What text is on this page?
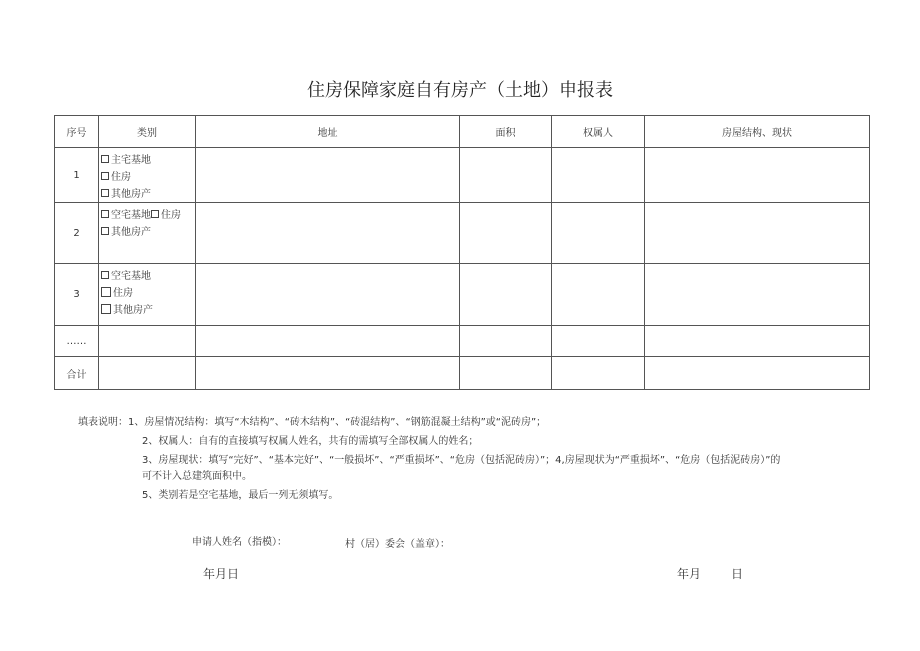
住房保障家庭自有房产（土地）申报表
序号	类别	地址	面积	权属人	房屋结构、现状
1	主宅基地
住房
其他房产				

2	空宅基地 住房
其他房产				

3	空宅基地
住房
其他房产				

……					
合计					
填表说明：1、房屋情况结构：填写“木结构”、“砖木结构”、“砖混结构”、“钢筋混凝土结构”或“泥砖房”；
2、权属人：自有的直接填写权属人姓名，共有的需填写全部权属人的姓名；
3、房屋现状：填写“完好”、“基本完好”、“一般损坏”、“严重损坏”、“危房（包括泥砖房）”；4,房屋现状为“严重损坏”、“危房（包括泥砖房）”的
可不计入总建筑面积中。
5、类别若是空宅基地，最后一列无须填写。
申请人姓名（指模）：	村（居）委会（盖章）：
年月日	年月 日
